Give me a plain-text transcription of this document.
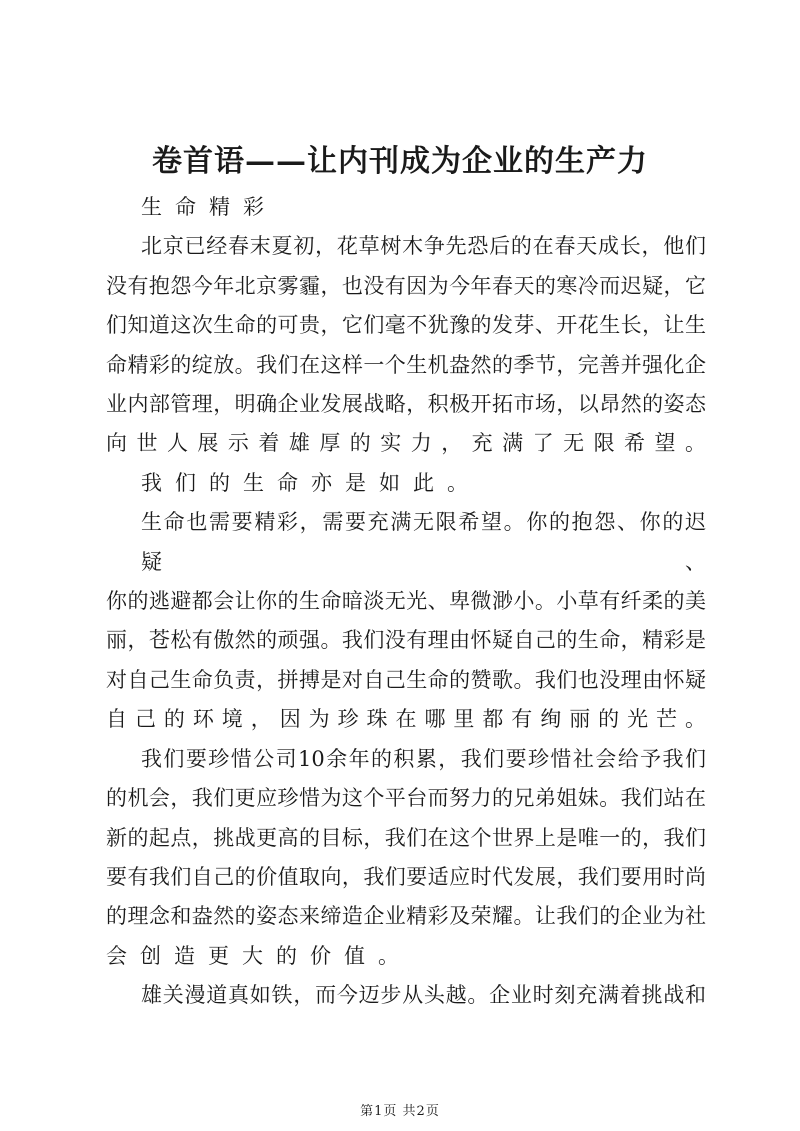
卷首语——让内刊成为企业的生产力
生命精彩
北京已经春末夏初，花草树木争先恐后的在春天成长，他们
没有抱怨今年北京雾霾，也没有因为今年春天的寒冷而迟疑，它
们知道这次生命的可贵，它们毫不犹豫的发芽、开花生长，让生
命精彩的绽放。我们在这样一个生机盎然的季节，完善并强化企
业内部管理，明确企业发展战略，积极开拓市场，以昂然的姿态
向世人展示着雄厚的实力，充满了无限希望。
我们的生命亦是如此。
生命也需要精彩，需要充满无限希望。你的抱怨、你的迟疑、
你的逃避都会让你的生命暗淡无光、卑微渺小。小草有纤柔的美
丽，苍松有傲然的顽强。我们没有理由怀疑自己的生命，精彩是
对自己生命负责，拼搏是对自己生命的赞歌。我们也没理由怀疑
自己的环境，因为珍珠在哪里都有绚丽的光芒。
我们要珍惜公司10余年的积累，我们要珍惜社会给予我们
的机会，我们更应珍惜为这个平台而努力的兄弟姐妹。我们站在
新的起点，挑战更高的目标，我们在这个世界上是唯一的，我们
要有我们自己的价值取向，我们要适应时代发展，我们要用时尚
的理念和盎然的姿态来缔造企业精彩及荣耀。让我们的企业为社
会创造更大的价值。
雄关漫道真如铁，而今迈步从头越。企业时刻充满着挑战和
第1页 共2页
